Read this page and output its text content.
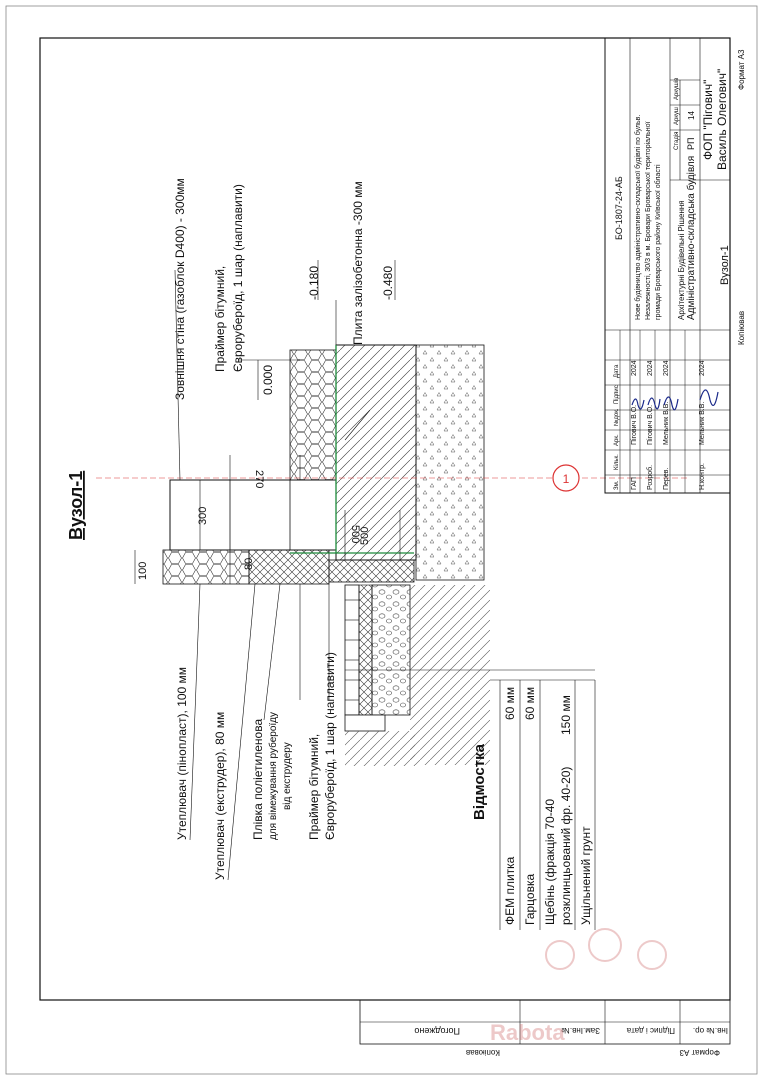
1
Вузол-1
Зовнішня стіна (газоблок D400) - 300мм Праймер бітумний, Єврорубероїд, 1 шар (наплавити)	Плита залізобетонна -300 мм
0.000
-0.180	-0.480
100
300
270
80
500
500
Утеплювач (пінопласт), 100 мм Утеплювач (екструдер), 80 мм Плівка поліетиленова для вімежування рубероїду від екструдеру Праймер бітумний, Єврорубероїд, 1 шар (наплавити)	Відмостка
ФЕМ плитка
60 мм
Гарцовка
60 мм
Щебінь (фракція 70-40 розклинцьований фр. 40-20)
150 мм
Ущільнений грунт
БО-1807-24-АБ Нове будівництво адміністративно-складської будівлі по бульв. Незалежності, 30/3 в м. Бровари Броварської територіальної громади Броварського району Київської області Архітектурні Будівельні Рішення Адміністративно-складська будівля Вузол-1
Стадія
Аркуш
Аркушів
РП
14 ФОП "Пігович" Василь Олегович"
Зм.
Кільк.
Арк.
№док.
Підпис
Дата
ГАП
Пігович В.О.
2024
Розроб.
Пігович В.О.
2024
Перев.
Мельник В.В.
2024
Н.контр.
Мельник В.В.
2024
Копіював
Формат А3
Погоджено	Зам.Інв.№	Підпис і дата Інв.№ ор.
Копіював	Формат А3
Rabota
